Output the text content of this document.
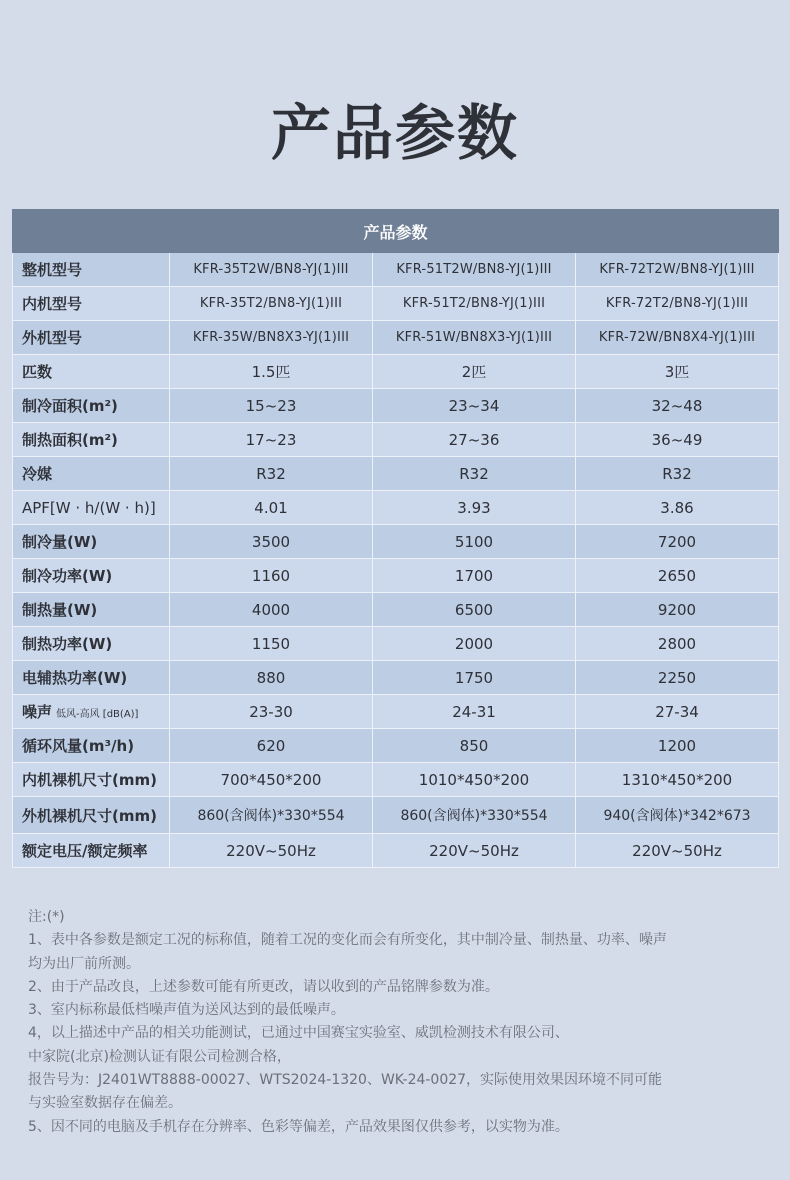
产品参数
产品参数			
整机型号	KFR-35T2W/BN8-YJ(1)III	KFR-51T2W/BN8-YJ(1)III	KFR-72T2W/BN8-YJ(1)III
内机型号	KFR-35T2/BN8-YJ(1)III	KFR-51T2/BN8-YJ(1)III	KFR-72T2/BN8-YJ(1)III
外机型号	KFR-35W/BN8X3-YJ(1)III	KFR-51W/BN8X3-YJ(1)III	KFR-72W/BN8X4-YJ(1)III
匹数	1.5匹	2匹	3匹
制冷面积(m²)	15~23	23~34	32~48
制热面积(m²)	17~23	27~36	36~49
冷媒	R32	R32	R32
APF[W · h/(W · h)]	4.01	3.93	3.86
制冷量(W)	3500	5100	7200
制冷功率(W)	1160	1700	2650
制热量(W)	4000	6500	9200
制热功率(W)	1150	2000	2800
电辅热功率(W)	880	1750	2250
噪声 低风-高风 [dB(A)]	23-30	24-31	27-34
循环风量(m³/h)	620	850	1200
内机裸机尺寸(mm)	700*450*200	1010*450*200	1310*450*200
外机裸机尺寸(mm)	860(含阀体)*330*554	860(含阀体)*330*554	940(含阀体)*342*673
额定电压/额定频率	220V~50Hz	220V~50Hz	220V~50Hz

注:(*)

1、表中各参数是额定工况的标称值，随着工况的变化而会有所变化，其中制冷量、制热量、功率、噪声

均为出厂前所测。

2、由于产品改良，上述参数可能有所更改，请以收到的产品铭牌参数为准。

3、室内标称最低档噪声值为送风达到的最低噪声。

4，以上描述中产品的相关功能测试，已通过中国赛宝实验室、威凯检测技术有限公司、

中家院(北京)检测认证有限公司检测合格，

报告号为：J2401WT8888-00027、WTS2024-1320、WK-24-0027，实际使用效果因环境不同可能

与实验室数据存在偏差。

5、因不同的电脑及手机存在分辨率、色彩等偏差，产品效果图仅供参考，以实物为准。
